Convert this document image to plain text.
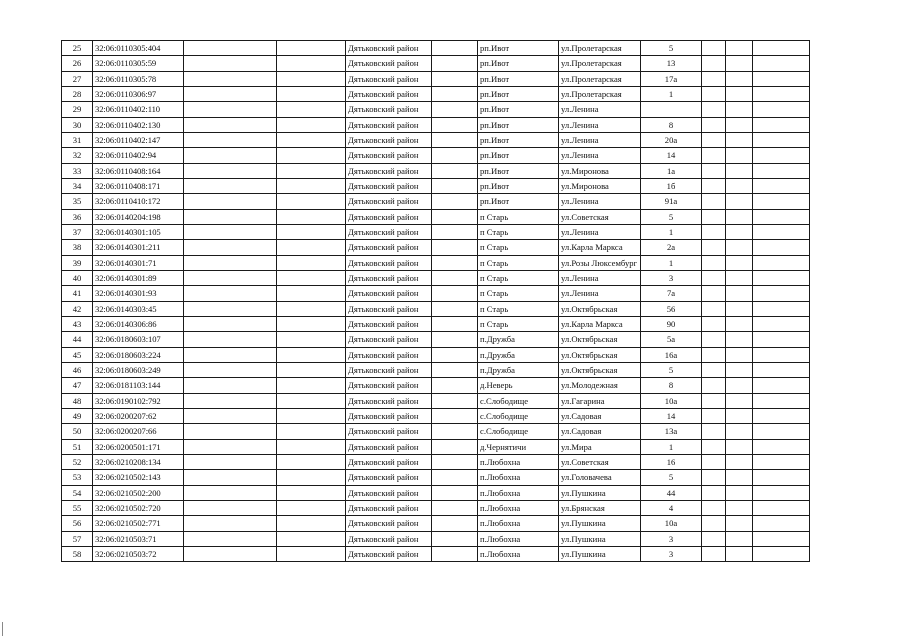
25	32:06:0110305:404			Дятьковский район		рп.Ивот	ул.Пролетарская	5			
26	32:06:0110305:59			Дятьковский район		рп.Ивот	ул.Пролетарская	13			
27	32:06:0110305:78			Дятьковский район		рп.Ивот	ул.Пролетарская	17а			
28	32:06:0110306:97			Дятьковский район		рп.Ивот	ул.Пролетарская	1			
29	32:06:0110402:110			Дятьковский район		рп.Ивот	ул.Ленина				
30	32:06:0110402:130			Дятьковский район		рп.Ивот	ул.Ленина	8			
31	32:06:0110402:147			Дятьковский район		рп.Ивот	ул.Ленина	20а			
32	32:06:0110402:94			Дятьковский район		рп.Ивот	ул.Ленина	14			
33	32:06:0110408:164			Дятьковский район		рп.Ивот	ул.Миронова	1а			
34	32:06:0110408:171			Дятьковский район		рп.Ивот	ул.Миронова	1б			
35	32:06:0110410:172			Дятьковский район		рп.Ивот	ул.Ленина	91а			
36	32:06:0140204:198			Дятьковский район		п Старь	ул.Советская	5			
37	32:06:0140301:105			Дятьковский район		п Старь	ул.Ленина	1			
38	32:06:0140301:211			Дятьковский район		п Старь	ул.Карла Маркса	2а			
39	32:06:0140301:71			Дятьковский район		п Старь	ул.Розы Люксембург	1			
40	32:06:0140301:89			Дятьковский район		п Старь	ул.Ленина	3			
41	32:06:0140301:93			Дятьковский район		п Старь	ул.Ленина	7а			
42	32:06:0140303:45			Дятьковский район		п Старь	ул.Октябрьская	56			
43	32:06:0140306:86			Дятьковский район		п Старь	ул.Карла Маркса	90			
44	32:06:0180603:107			Дятьковский район		п.Дружба	ул.Октябрьская	5а			
45	32:06:0180603:224			Дятьковский район		п.Дружба	ул.Октябрьская	16а			
46	32:06:0180603:249			Дятьковский район		п.Дружба	ул.Октябрьская	5			
47	32:06:0181103:144			Дятьковский район		д.Неверь	ул.Молодежная	8			
48	32:06:0190102:792			Дятьковский район		с.Слободище	ул.Гагарина	10а			
49	32:06:0200207:62			Дятьковский район		с.Слободище	ул.Садовая	14			
50	32:06:0200207:66			Дятьковский район		с.Слободище	ул.Садовая	13а			
51	32:06:0200501:171			Дятьковский район		д.Чернятичи	ул.Мира	1			
52	32:06:0210208:134			Дятьковский район		п.Любохна	ул.Советская	16			
53	32:06:0210502:143			Дятьковский район		п.Любохна	ул.Головачева	5			
54	32:06:0210502:200			Дятьковский район		п.Любохна	ул.Пушкина	44			
55	32:06:0210502:720			Дятьковский район		п.Любохна	ул.Брянская	4			
56	32:06:0210502:771			Дятьковский район		п.Любохна	ул.Пушкина	10а			
57	32:06:0210503:71			Дятьковский район		п.Любохна	ул.Пушкина	3			
58	32:06:0210503:72			Дятьковский район		п.Любохна	ул.Пушкина	3			
